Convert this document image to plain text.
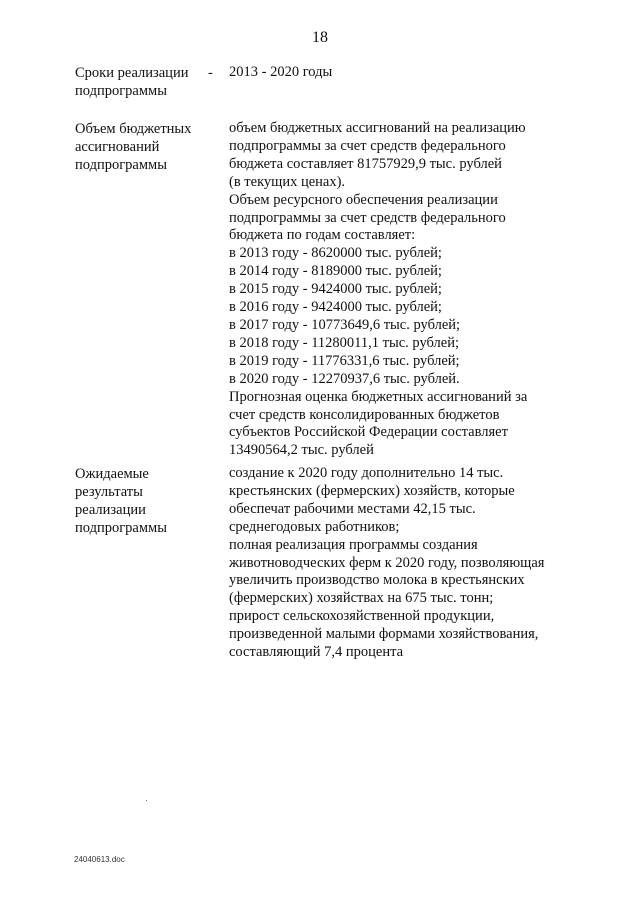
18
Сроки реализации
подпрограммы
- 2013 - 2020 годы
Объем бюджетных
ассигнований
подпрограммы
объем бюджетных ассигнований на реализацию
подпрограммы за счет средств федерального
бюджета составляет 81757929,9 тыс. рублей
(в текущих ценах).
Объем ресурсного обеспечения реализации
подпрограммы за счет средств федерального
бюджета по годам составляет:
в 2013 году - 8620000 тыс. рублей;
в 2014 году - 8189000 тыс. рублей;
в 2015 году - 9424000 тыс. рублей;
в 2016 году - 9424000 тыс. рублей;
в 2017 году - 10773649,6 тыс. рублей;
в 2018 году - 11280011,1 тыс. рублей;
в 2019 году - 11776331,6 тыс. рублей;
в 2020 году - 12270937,6 тыс. рублей.
Прогнозная оценка бюджетных ассигнований за
счет средств консолидированных бюджетов
субъектов Российской Федерации составляет
13490564,2 тыс. рублей
Ожидаемые
результаты
реализации
подпрограммы
создание к 2020 году дополнительно 14 тыс.
крестьянских (фермерских) хозяйств, которые
обеспечат рабочими местами 42,15 тыс.
среднегодовых работников;
полная реализация программы создания
животноводческих ферм к 2020 году, позволяющая
увеличить производство молока в крестьянских
(фермерских) хозяйствах на 675 тыс. тонн;
прирост сельскохозяйственной продукции,
произведенной малыми формами хозяйствования,
составляющий 7,4 процента
24040613.doc
